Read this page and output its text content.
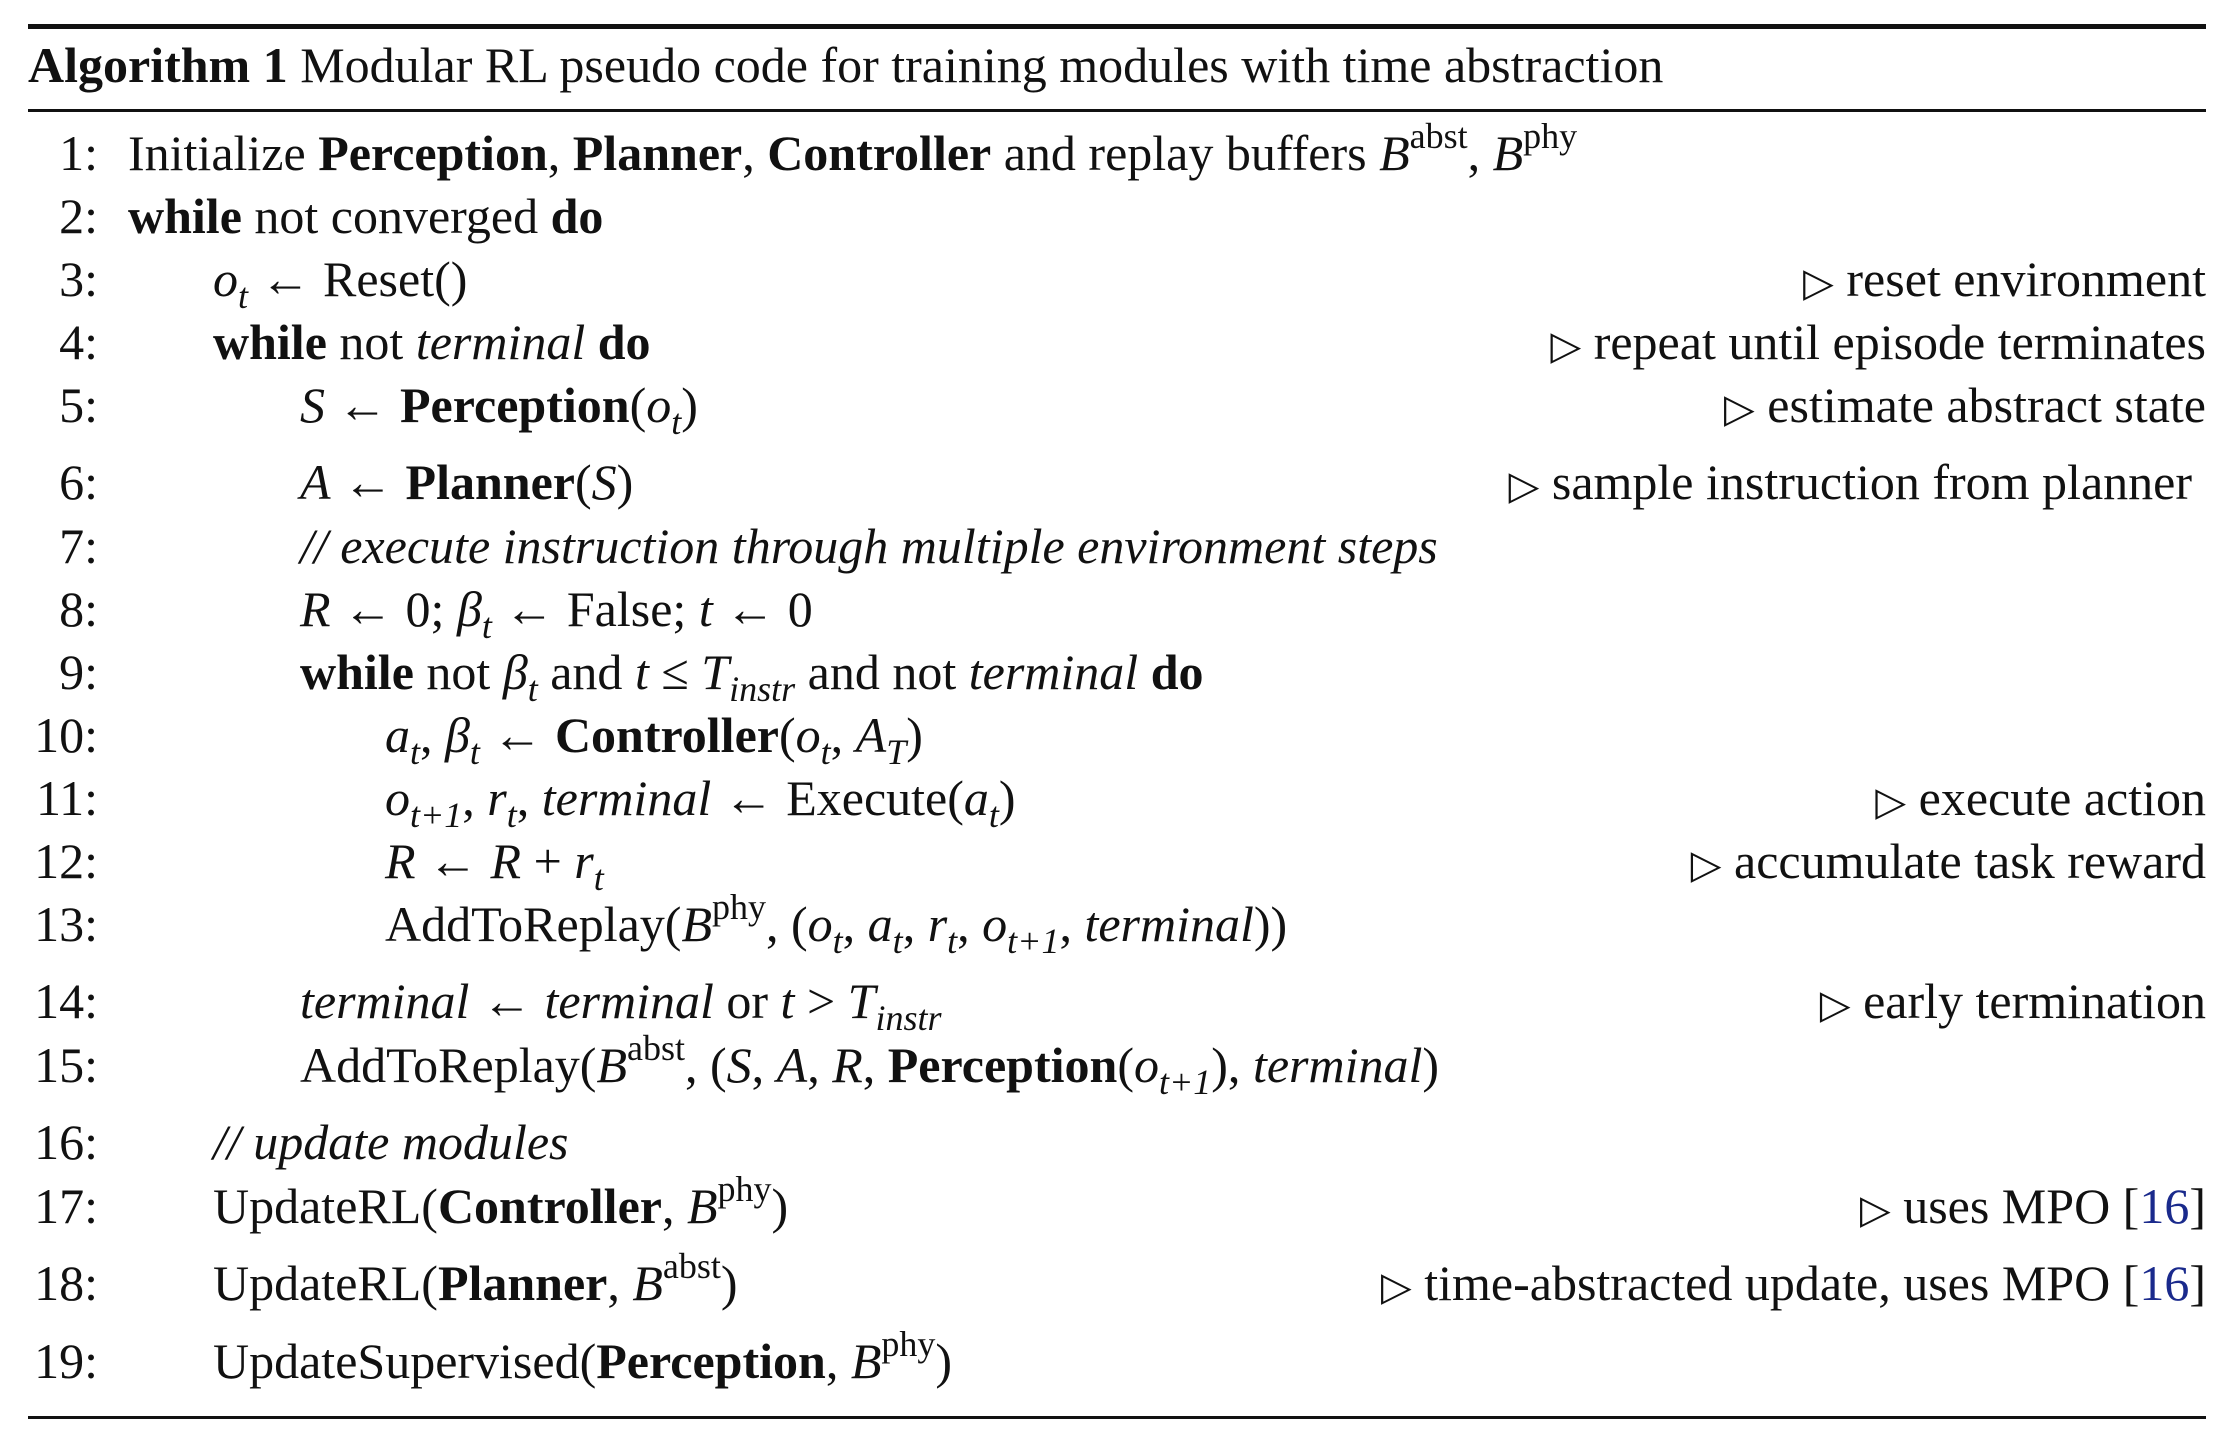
Algorithm 1 Modular RL pseudo code for training modules with time abstraction
1: Initialize Perception, Planner, Controller and replay buffers $B^{abst}$, $B^{phy}$
2: while not converged do
3: $o_t$ ← Reset()	▷ reset environment
4: while not terminal do	▷ repeat until episode terminates
5:	S ← $Perception(o_t)$	▷ estimate abstract state
6:	A ← Planner(S)	▷ sample instruction from planner
7:	// execute instruction through multiple environment steps
8:	R ← 0; $\beta_t$ ← False; t ← 0
9:	while not $\beta_t$ and $t \le T_{instr}$ and not terminal do
10:	$a_t$, $\beta_t$ ← $Controller(o_t$, $A_T$)
11:	$o_{t+1}$, $r_t$, terminal ← $Execute(a_t)$	▷ execute action
12:	R ← $R + r_t$	▷ accumulate task reward
13:	$AddToReplay(B^{phy}$, ($o_t$, $a_t$, $r_t$, $o_{t+1}$, terminal))
14:	terminal ← terminal or $t > T_{instr}$	▷ early termination
15:	$AddToReplay(B^{abst}$, (S, A, R, $Perception(o_{t+1})$, terminal)
16: // update modules
17: UpdateRL(Controller, $B^{phy}$)	▷ uses MPO [16]
18: UpdateRL(Planner, $B^{abst}$)	▷ time-abstracted update, uses MPO [16]
19: UpdateSupervised(Perception, $B^{phy}$)
